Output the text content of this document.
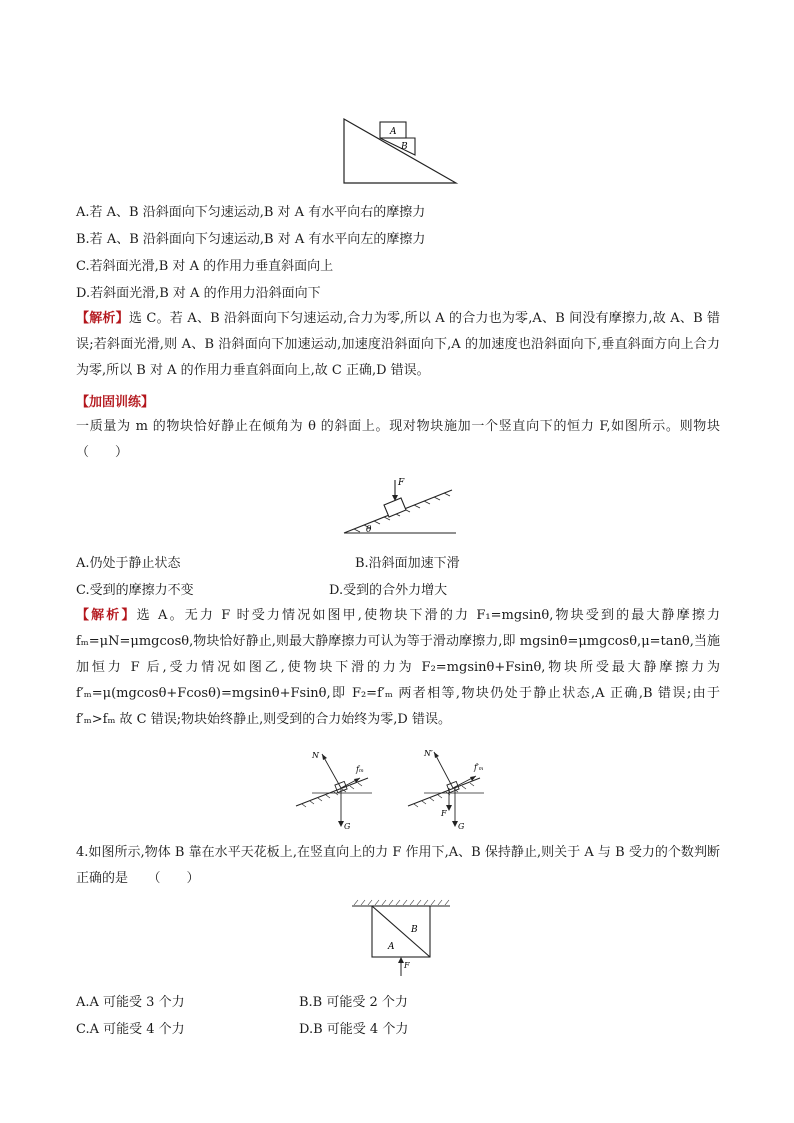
A
B
A.若 A、B 沿斜面向下匀速运动,B 对 A 有水平向右的摩擦力
B.若 A、B 沿斜面向下匀速运动,B 对 A 有水平向左的摩擦力
C.若斜面光滑,B 对 A 的作用力垂直斜面向上
D.若斜面光滑,B 对 A 的作用力沿斜面向下
【解析】选 C。若 A、B 沿斜面向下匀速运动,合力为零,所以 A 的合力也为零,A、B 间没有摩擦力,故 A、B 错误;若斜面光滑,则 A、B 沿斜面向下加速运动,加速度沿斜面向下,A 的加速度也沿斜面向下,垂直斜面方向上合力为零,所以 B 对 A 的作用力垂直斜面向上,故 C 正确,D 错误。
【加固训练】
一质量为 m 的物块恰好静止在倾角为 θ 的斜面上。现对物块施加一个竖直向下的恒力 F,如图所示。则物块　（　　）
F
θ
A.仍处于静止状态	B.沿斜面加速下滑
C.受到的摩擦力不变	D.受到的合外力增大
【解析】选 A。无力 F 时受力情况如图甲,使物块下滑的力 F₁=mgsinθ,物块受到的最大静摩擦力 fₘ=μN=μmgcosθ,物块恰好静止,则最大静摩擦力可认为等于滑动摩擦力,即 mgsinθ=μmgcosθ,μ=tanθ,当施加恒力 F 后,受力情况如图乙,使物块下滑的力为 F₂=mgsinθ+Fsinθ,物块所受最大静摩擦力为 f′ₘ=μ(mgcosθ+Fcosθ)=mgsinθ+Fsinθ,即 F₂=f′ₘ 两者相等,物块仍处于静止状态,A 正确,B 错误;由于 f′ₘ>fₘ 故 C 错误;物块始终静止,则受到的合力始终为零,D 错误。
N
fₘ
G
N′
f′ₘ
F
G
4.如图所示,物体 B 靠在水平天花板上,在竖直向上的力 F 作用下,A、B 保持静止,则关于 A 与 B 受力的个数判断正确的是　　（　　）
B
A
F
A.A 可能受 3 个力	B.B 可能受 2 个力
C.A 可能受 4 个力	D.B 可能受 4 个力
